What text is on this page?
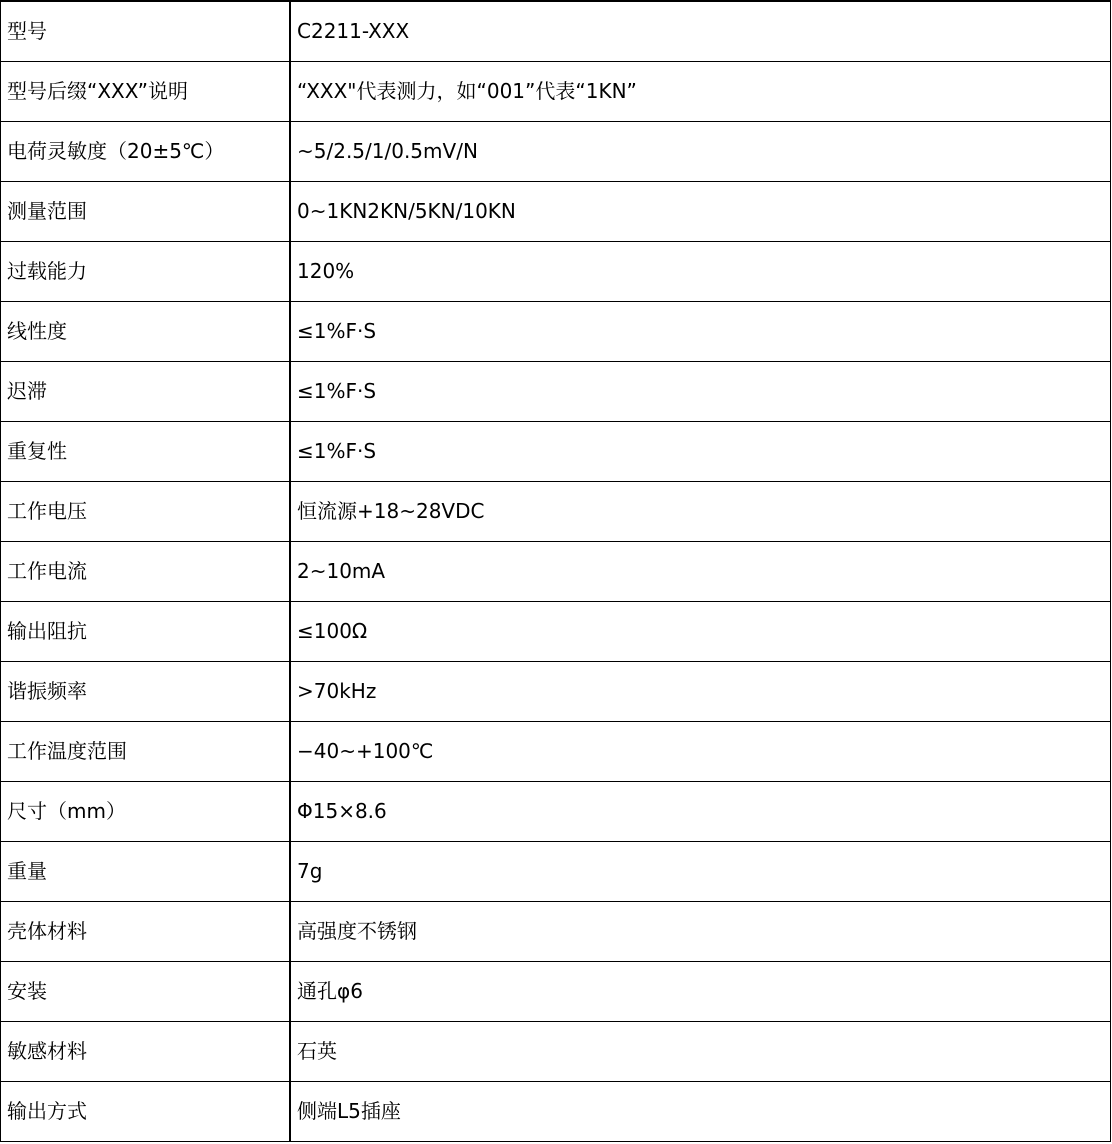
型号	C2211-XXX
型号后缀“XXX”说明	“XXX"代表测力，如“001”代表“1KN”
电荷灵敏度（20±5℃）	~5/2.5/1/0.5mV/N
测量范围	0~1KN2KN/5KN/10KN
过载能力	120%
线性度	≤1%F·S
迟滞	≤1%F·S
重复性	≤1%F·S
工作电压	恒流源+18~28VDC
工作电流	2~10mA
输出阻抗	≤100Ω
谐振频率	>70kHz
工作温度范围	−40~+100℃
尺寸（mm）	Φ15×8.6
重量	7g
壳体材料	高强度不锈钢
安装	通孔φ6
敏感材料	石英
输出方式	侧端L5插座
